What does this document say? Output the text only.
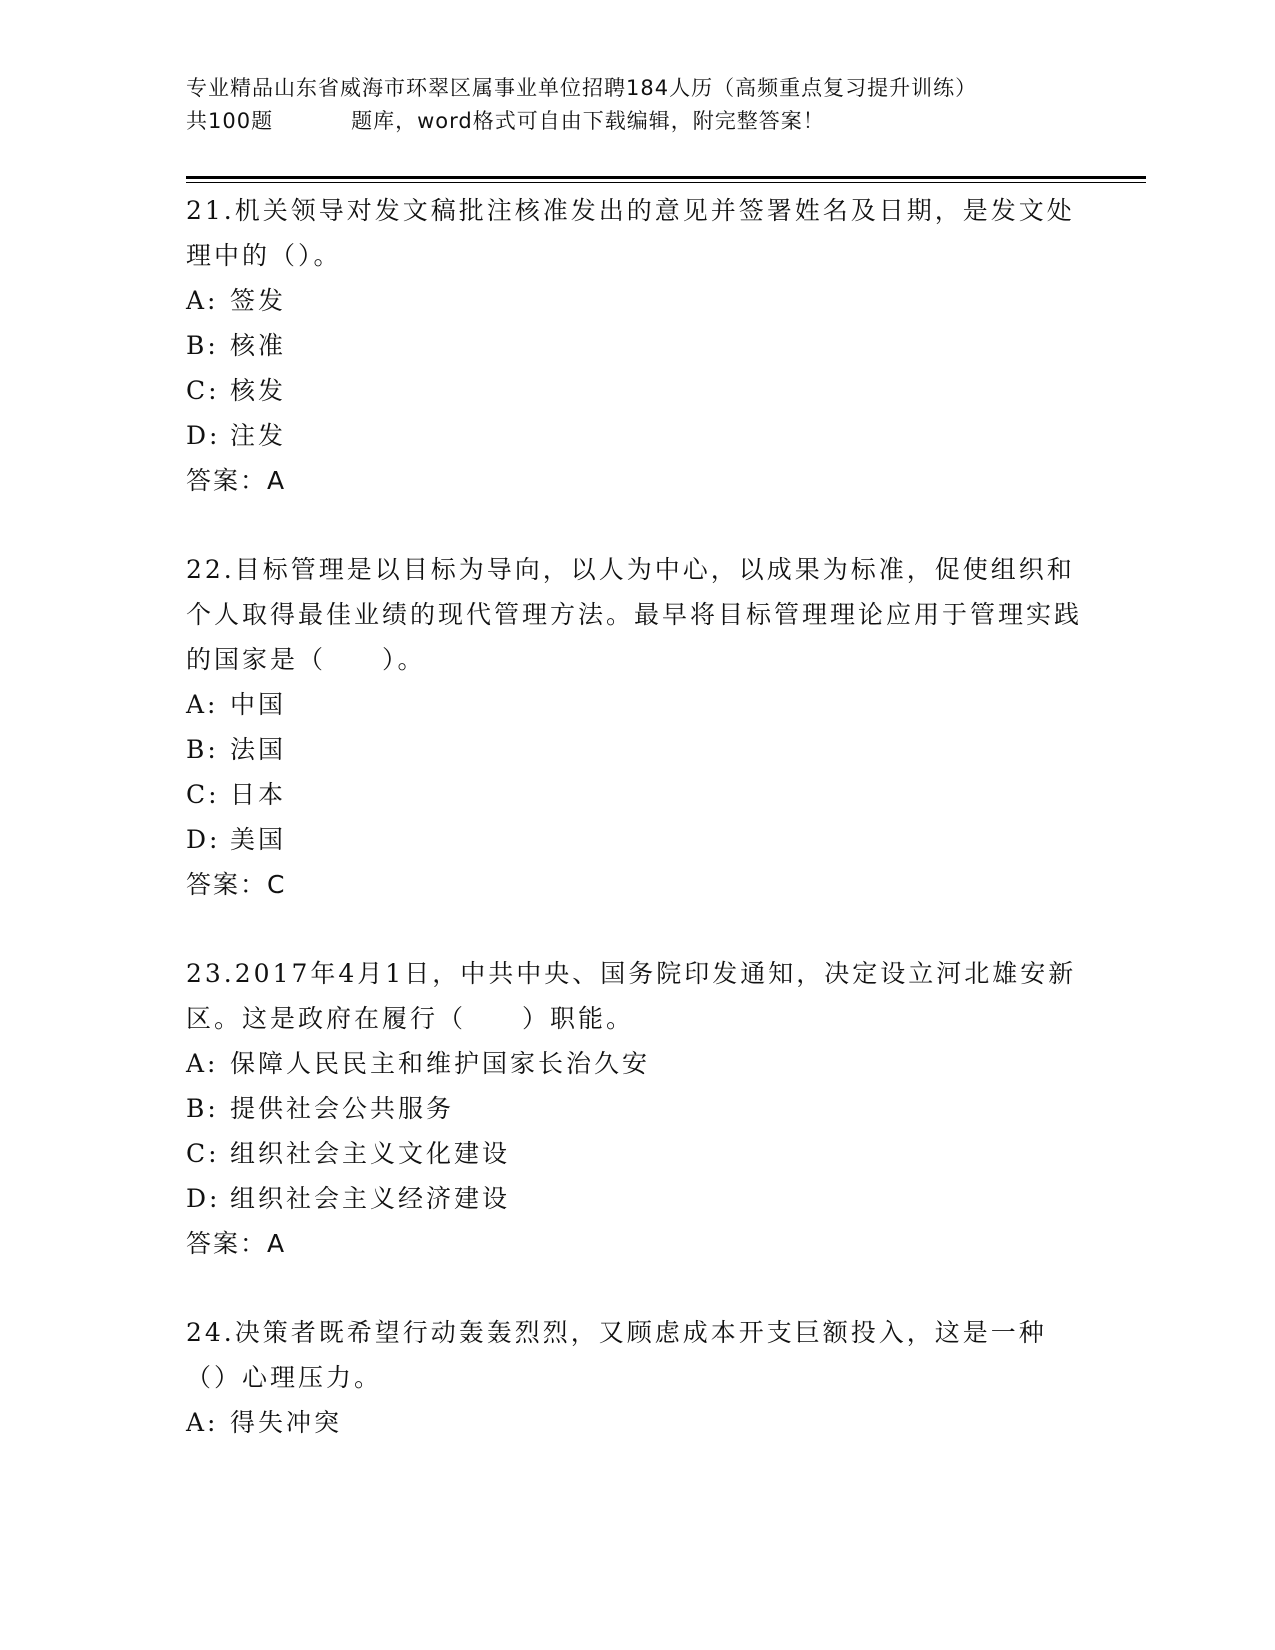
专业精品山东省威海市环翠区属事业单位招聘184人历（高频重点复习提升训练）
共100题	题库，word格式可自由下载编辑，附完整答案！
21.机关领导对发文稿批注核准发出的意见并签署姓名及日期，是发文处理中的（）。
A: 签发
B: 核准
C: 核发
D: 注发
答案：A
22.目标管理是以目标为导向，以人为中心，以成果为标准，促使组织和个人取得最佳业绩的现代管理方法。最早将目标管理理论应用于管理实践的国家是（　　）。
A: 中国
B: 法国
C: 日本
D: 美国
答案：C
23.2017年4月1日，中共中央、国务院印发通知，决定设立河北雄安新区。这是政府在履行（　　）职能。
A: 保障人民民主和维护国家长治久安
B: 提供社会公共服务
C: 组织社会主义文化建设
D: 组织社会主义经济建设
答案：A
24.决策者既希望行动轰轰烈烈，又顾虑成本开支巨额投入，这是一种（）心理压力。
A: 得失冲突
